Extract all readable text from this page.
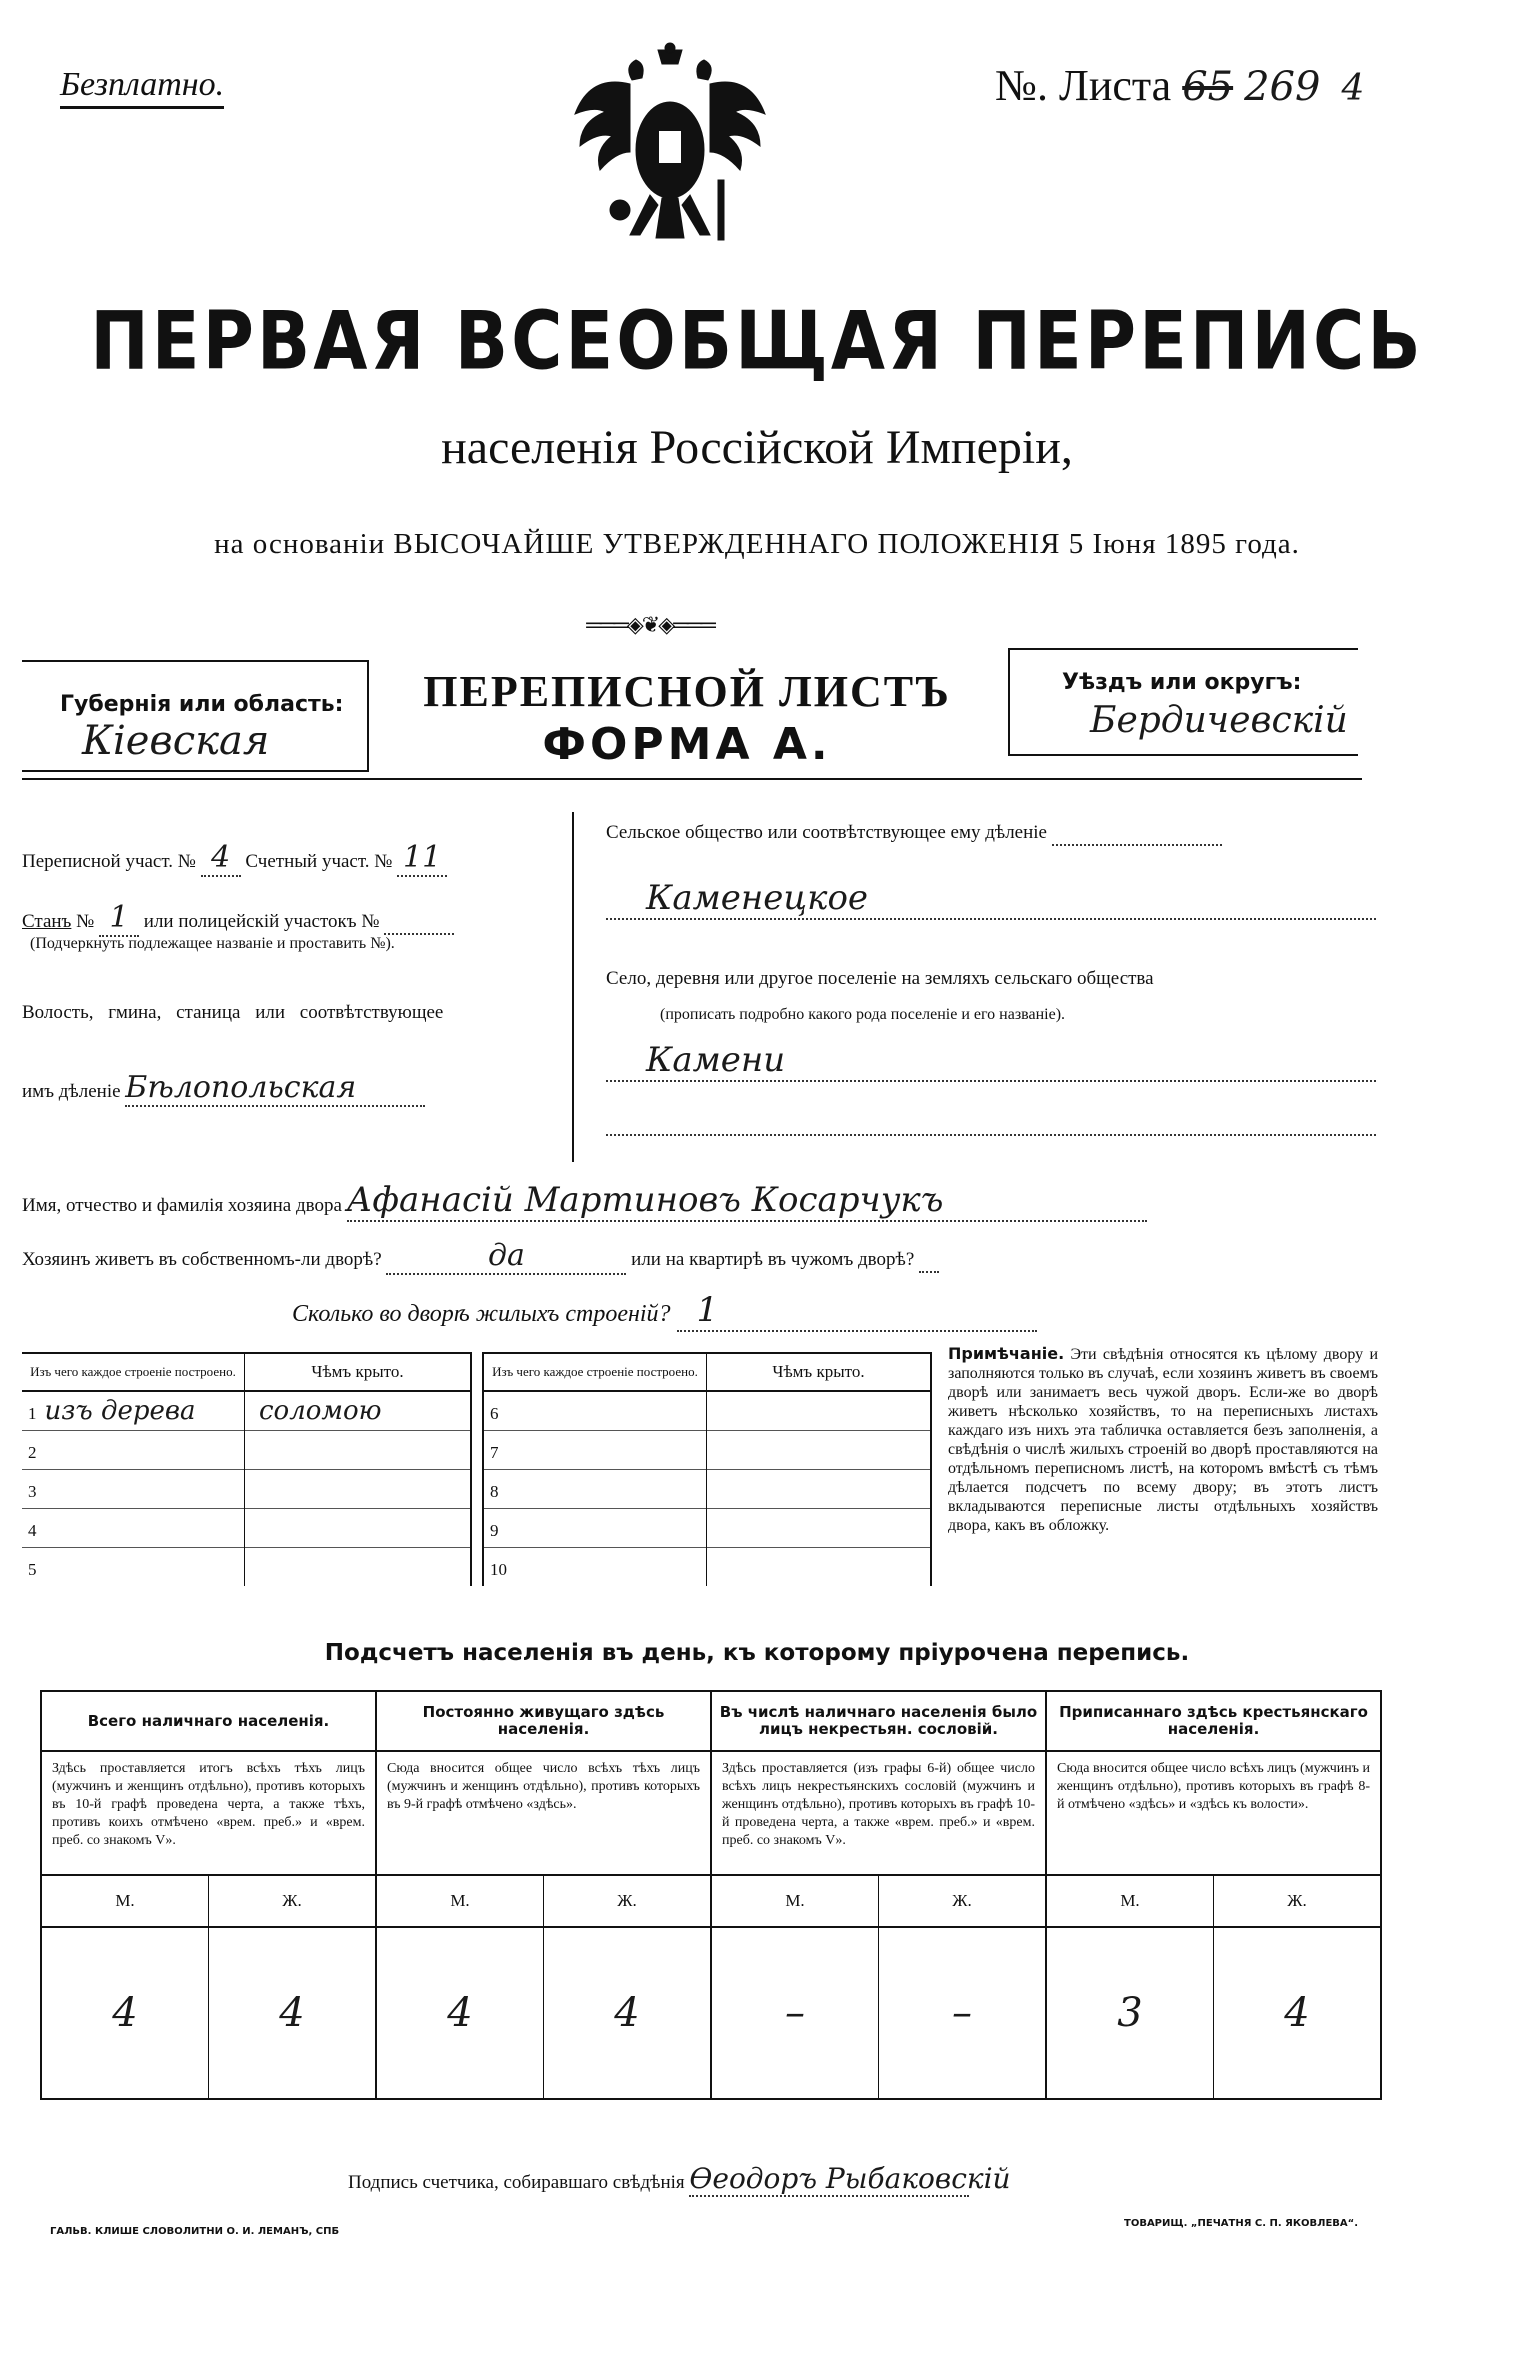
Безплатно.	№. Листа 65 269 4
ПЕРВАЯ ВСЕОБЩАЯ ПЕРЕПИСЬ
населенія Россійской Имперіи,
на основаніи ВЫСОЧАЙШЕ УТВЕРЖДЕННАГО ПОЛОЖЕНІЯ 5 Іюня 1895 года.
═══◈❦◈═══
Губернія или область:
Кіевская
ПЕРЕПИСНОЙ ЛИСТЪ
ФОРМА А.
Уѣздъ или округъ:
Бердичевскій
Переписной участ. № 4 Счетный участ. № 11
Станъ № 1 или полицейскій участокъ №
(Подчеркнуть подлежащее названіе и проставить №).
Волость, гмина, станица или соотвѣтствующее
имъ дѣленіе Бѣлопольская
Сельское общество или соотвѣтствующее ему дѣленіе
Каменецкое
Село, деревня или другое поселеніе на земляхъ сельскаго общества
(прописать подробно какого рода поселеніе и его названіе).
Камени
Имя, отчество и фамилія хозяина двора Афанасій Мартиновъ Косарчукъ
Хозяинъ живетъ въ собственномъ-ли дворѣ?	да	или на квартирѣ въ чужомъ дворѣ?
Сколько во дворѣ жилыхъ строеній? 1
Изъ чего каждое строеніе построено.	Чѣмъ крыто.
1 изъ дерева	соломою
2	
3	
4	
5	
Изъ чего каждое строеніе построено.	Чѣмъ крыто.
6	
7	
8	
9	
10	
Примѣчаніе. Эти свѣдѣнія относятся къ цѣлому двору и заполняются только въ случаѣ, если хозяинъ живетъ въ своемъ дворѣ или занимаетъ весь чужой дворъ. Если-же во дворѣ живетъ нѣсколько хозяйствъ, то на переписныхъ листахъ каждаго изъ нихъ эта табличка оставляется безъ заполненія, а свѣдѣнія о числѣ жилыхъ строеній во дворѣ проставляются на отдѣльномъ переписномъ листѣ, на которомъ вмѣстѣ съ тѣмъ дѣлается подсчетъ по всему двору; въ этотъ листъ вкладываются переписные листы отдѣльныхъ хозяйствъ двора, какъ въ обложку.
Подсчетъ населенія въ день, къ которому пріурочена перепись.
Всего наличнаго населенія.
Здѣсь проставляется итогъ всѣхъ тѣхъ лицъ (мужчинъ и женщинъ отдѣльно), противъ которыхъ въ 10-й графѣ проведена черта, а также тѣхъ, противъ коихъ отмѣчено «врем. преб.» и «врем. преб. со знакомъ V».
М.	Ж.
4	4
Постоянно живущаго здѣсь населенія.
Сюда вносится общее число всѣхъ тѣхъ лицъ (мужчинъ и женщинъ отдѣльно), противъ которыхъ въ 9-й графѣ отмѣчено «здѣсь».
М.	Ж.
4	4
Въ числѣ наличнаго населенія было лицъ некрестьян. сословій.
Здѣсь проставляется (изъ графы 6-й) общее число всѣхъ лицъ некрестьянскихъ сословій (мужчинъ и женщинъ отдѣльно), противъ которыхъ въ графѣ 10-й проведена черта, а также «врем. преб.» и «врем. преб. со знакомъ V».
М.	Ж.
–	–
Приписаннаго здѣсь крестьянскаго населенія.
Сюда вносится общее число всѣхъ лицъ (мужчинъ и женщинъ отдѣльно), противъ которыхъ въ графѣ 8-й отмѣчено «здѣсь» и «здѣсь къ волости».
М.	Ж.
3	4
Подпись счетчика, собиравшаго свѣдѣнія Ѳеодоръ Рыбаковскій
ГАЛЬВ. КЛИШЕ СЛОВОЛИТНИ О. И. ЛЕМАНЪ, СПБ
ТОВАРИЩ. „ПЕЧАТНЯ С. П. ЯКОВЛЕВА“.
